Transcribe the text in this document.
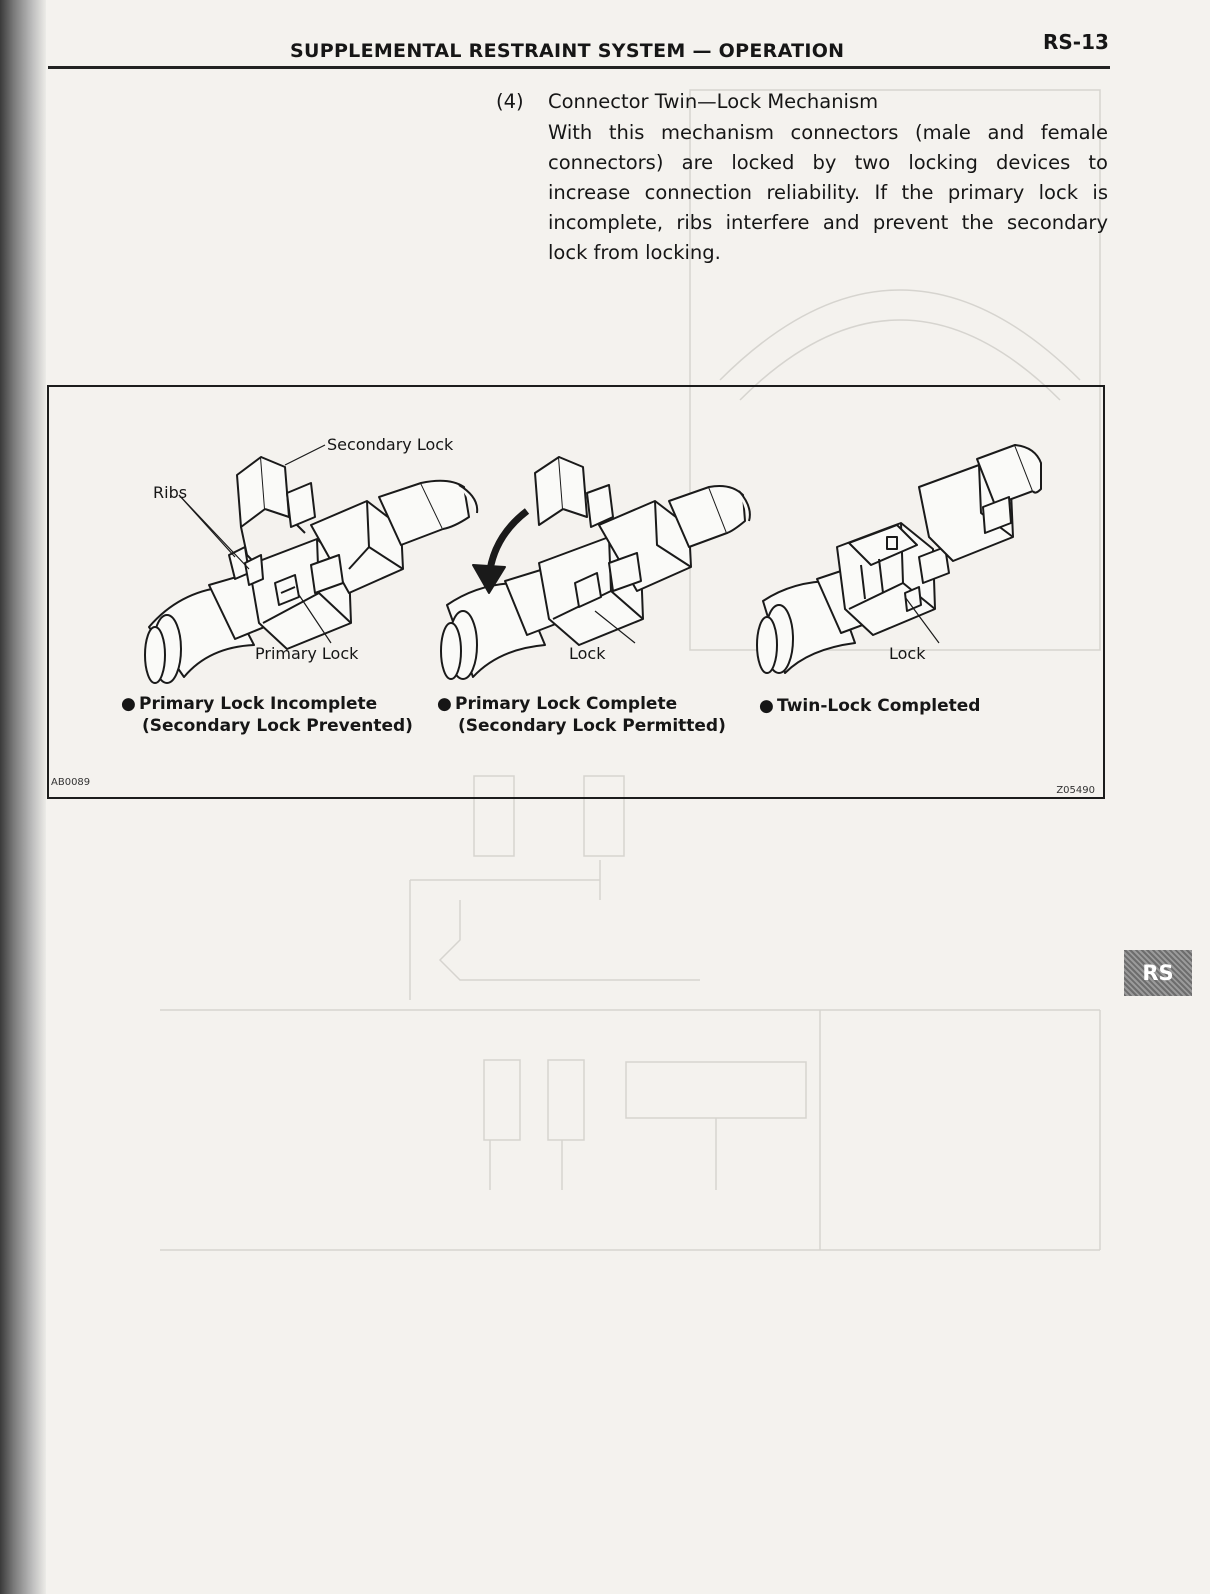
SUPPLEMENTAL RESTRAINT SYSTEM — OPERATION	RS-13
(4) Connector Twin—Lock Mechanism

With this mechanism connectors (male and female connectors) are locked by two locking devices to increase connection reliability. If the primary lock is incomplete, ribs interfere and prevent the secondary lock from locking.

Secondary Lock
Ribs
Primary Lock	Lock	Lock
● Primary Lock Incomplete
(Secondary Lock Prevented)
● Primary Lock Complete
(Secondary Lock Permitted)
● Twin-Lock Completed
AB0089
Z05490
RS
